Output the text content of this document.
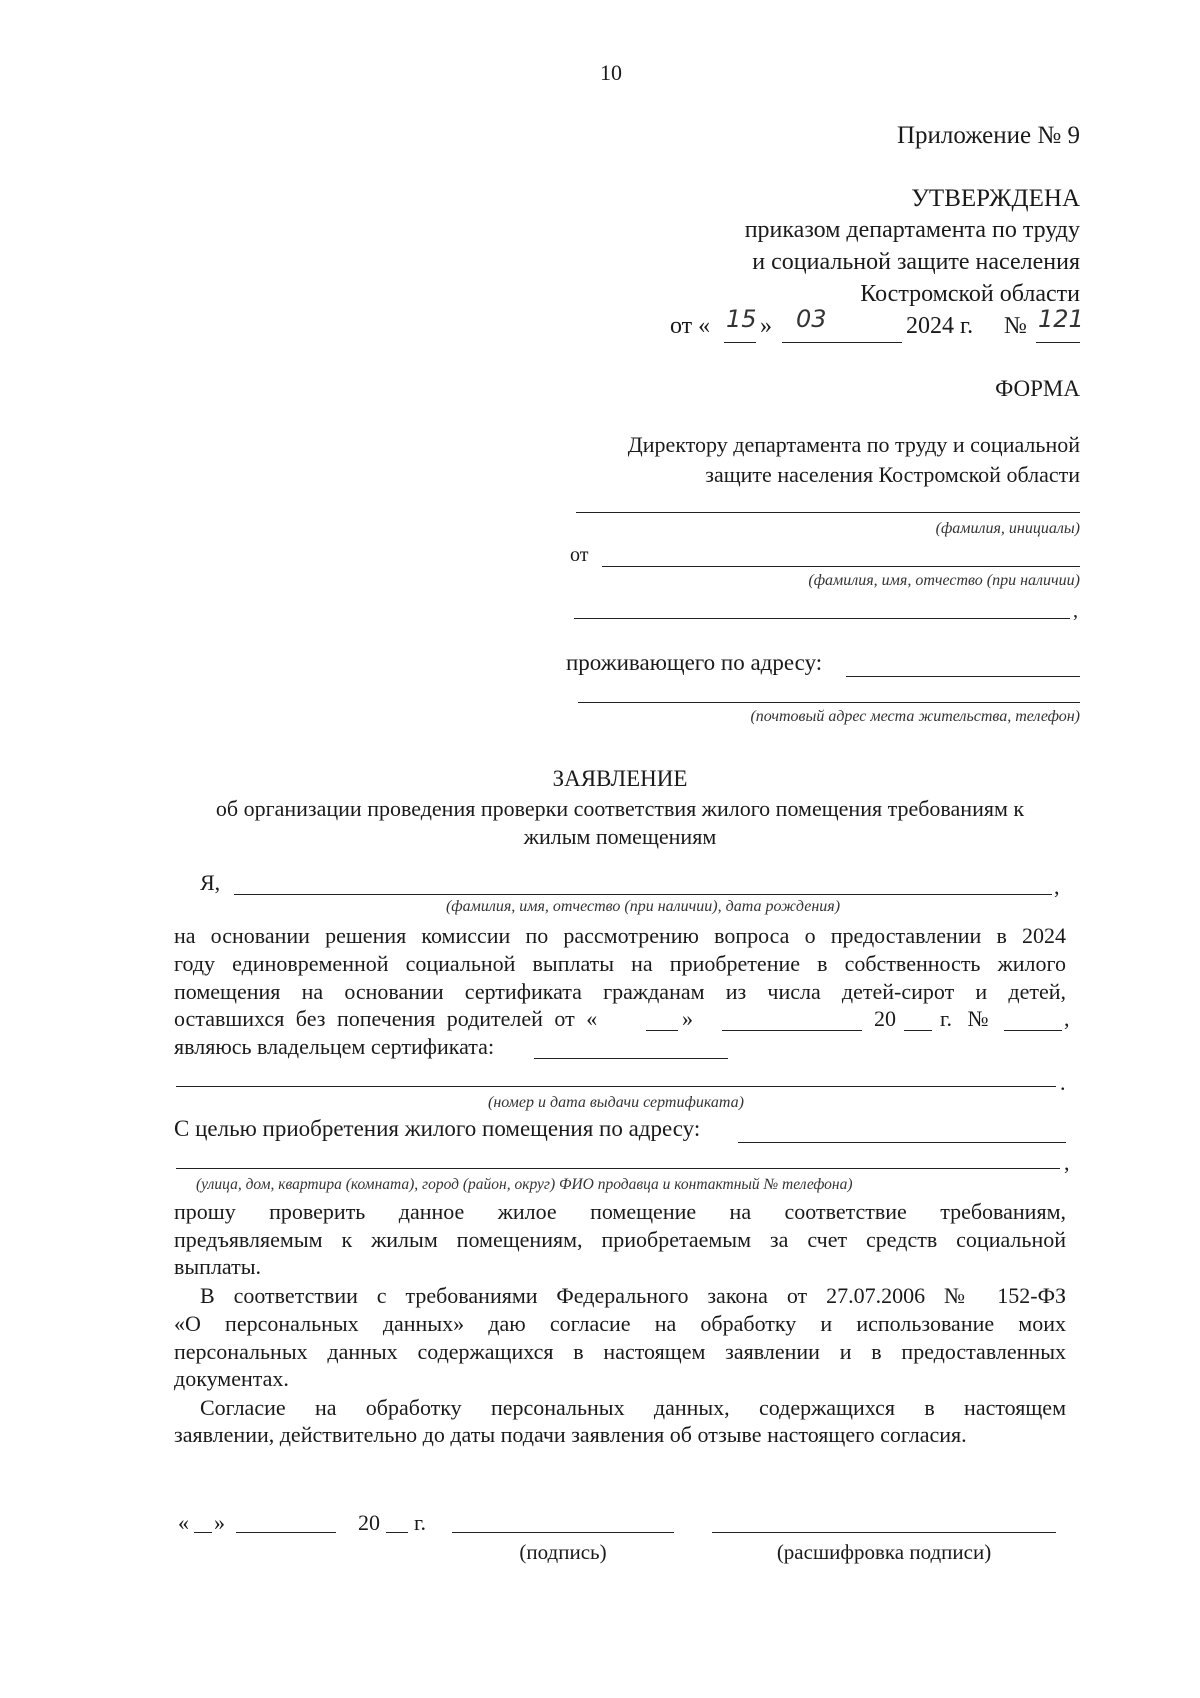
10
Приложение № 9
УТВЕРЖДЕНА
приказом департамента по труду
и социальной защите населения
Костромской области
от « 15 » 03	2024 г. № 121
ФОРМА
Директору департамента по труду и социальной
защите населения Костромской области
(фамилия, инициалы)
от
(фамилия, имя, отчество (при наличии)
,
проживающего по адресу:
(почтовый адрес места жительства, телефон)
ЗАЯВЛЕНИЕ
об организации проведения проверки соответствия жилого помещения требованиям к
жилым помещениям
Я,	,
(фамилия, имя, отчество (при наличии), дата рождения)
на основании решения комиссии по рассмотрению вопроса о предоставлении в 2024
году единовременной социальной выплаты на приобретение в собственность жилого
помещения на основании сертификата гражданам из числа детей-сирот и детей,
оставшихся без попечения родителей от «	»	20 г. №	,
являюсь владельцем сертификата:
.
(номер и дата выдачи сертификата)
С целью приобретения жилого помещения по адресу:
,
(улица, дом, квартира (комната), город (район, округ) ФИО продавца и контактный № телефона)
прошу проверить данное жилое помещение на соответствие требованиям,
предъявляемым к жилым помещениям, приобретаемым за счет средств социальной
выплаты.
В соответствии с требованиями Федерального закона от 27.07.2006 № 152-ФЗ
«О персональных данных» даю согласие на обработку и использование моих
персональных данных содержащихся в настоящем заявлении и в предоставленных
документах.
Согласие на обработку персональных данных, содержащихся в настоящем
заявлении, действительно до даты подачи заявления об отзыве настоящего согласия.
« »	20 г.
(подпись)	(расшифровка подписи)
